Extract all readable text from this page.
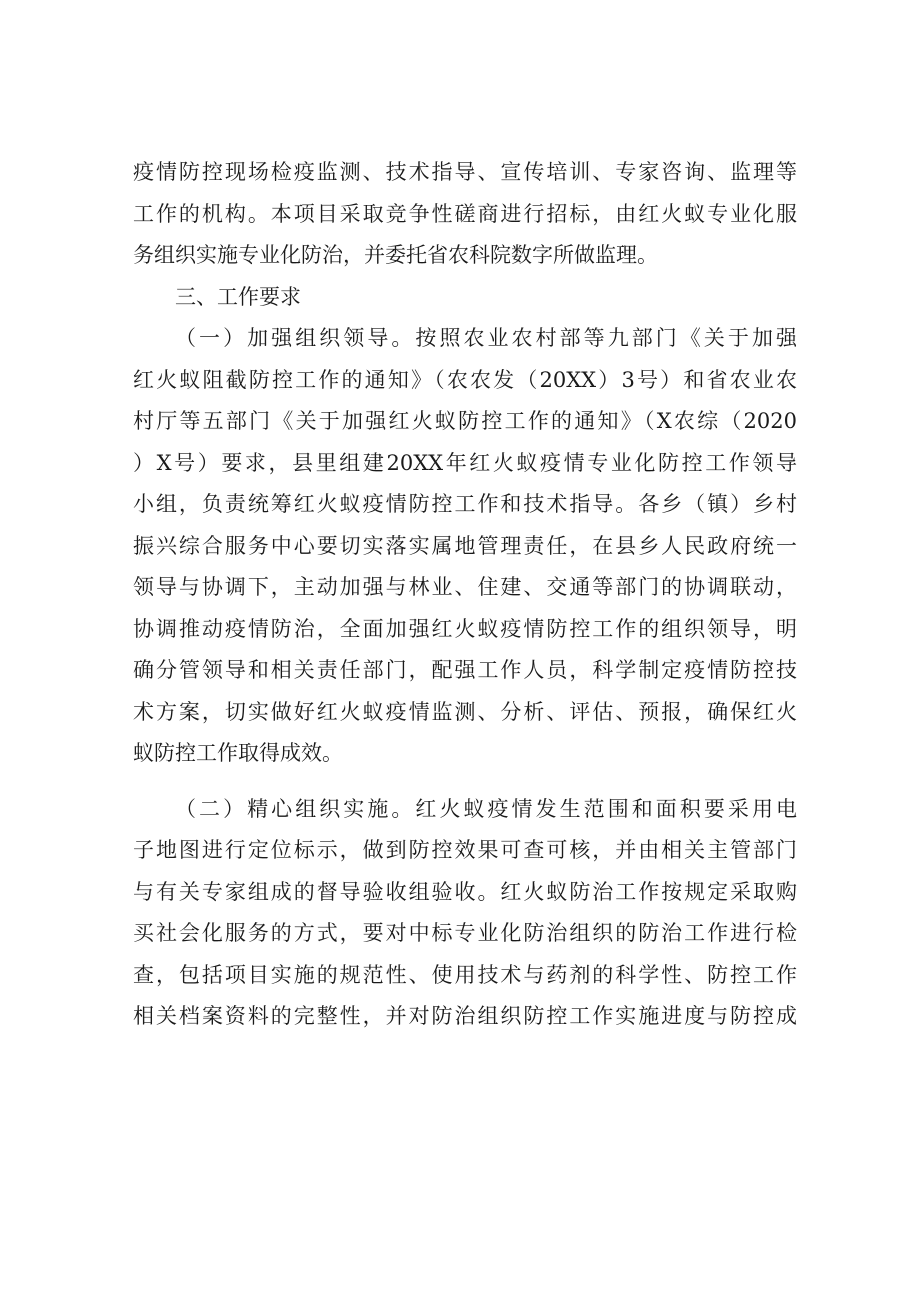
疫情防控现场检疫监测、技术指导、宣传培训、专家咨询、监理等
工作的机构。本项目采取竞争性磋商进行招标，由红火蚁专业化服
务组织实施专业化防治，并委托省农科院数字所做监理。
三、工作要求
（一）加强组织领导。按照农业农村部等九部门《关于加强
红火蚁阻截防控工作的通知》（农农发（20XX）3号）和省农业农
村厅等五部门《关于加强红火蚁防控工作的通知》（X农综（2020
）X号）要求，县里组建20XX年红火蚁疫情专业化防控工作领导
小组，负责统筹红火蚁疫情防控工作和技术指导。各乡（镇）乡村
振兴综合服务中心要切实落实属地管理责任，在县乡人民政府统一
领导与协调下，主动加强与林业、住建、交通等部门的协调联动，
协调推动疫情防治，全面加强红火蚁疫情防控工作的组织领导，明
确分管领导和相关责任部门，配强工作人员，科学制定疫情防控技
术方案，切实做好红火蚁疫情监测、分析、评估、预报，确保红火
蚁防控工作取得成效。
（二）精心组织实施。红火蚁疫情发生范围和面积要采用电
子地图进行定位标示，做到防控效果可查可核，并由相关主管部门
与有关专家组成的督导验收组验收。红火蚁防治工作按规定采取购
买社会化服务的方式，要对中标专业化防治组织的防治工作进行检
查，包括项目实施的规范性、使用技术与药剂的科学性、防控工作
相关档案资料的完整性，并对防治组织防控工作实施进度与防控成
